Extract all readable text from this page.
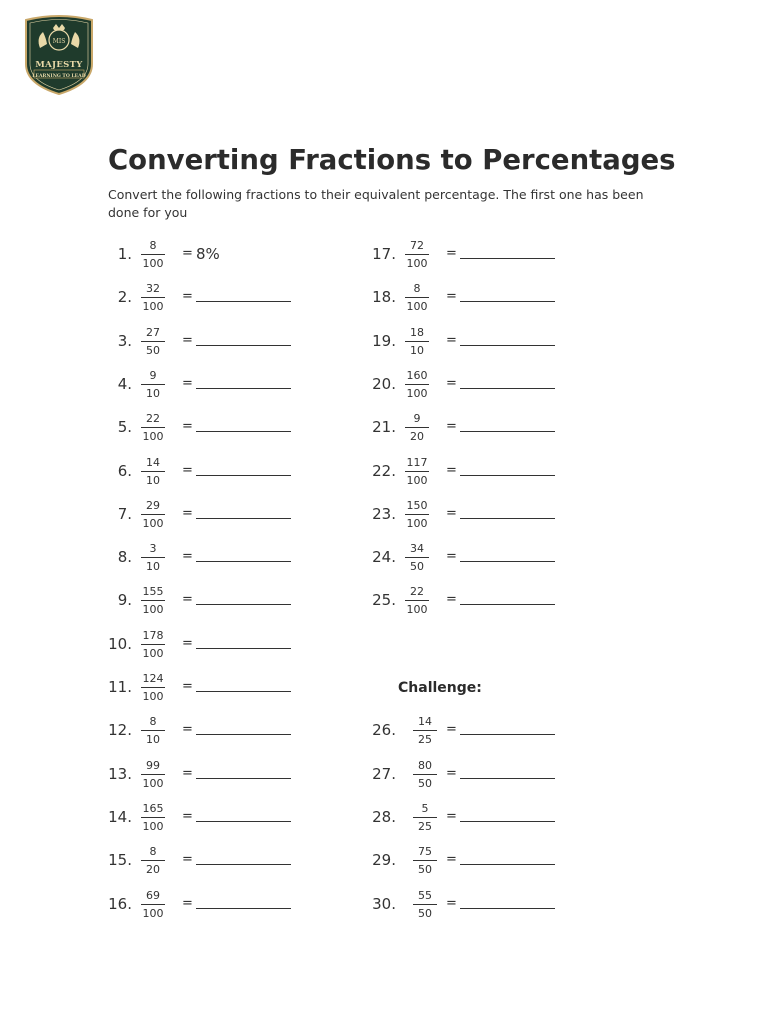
MIS
MAJESTY
LEARNING TO LEAD
Converting Fractions to Percentages
Convert the following fractions to their equivalent percentage. The first one has been done for you
Challenge:
1.	8
100
= 8%
2.	32
100
=
3.	27
50
=
4.	9
10
=
5.	22
100
=
6.	14
10
=
7.	29
100
=
8.	3
10
=
9. 155
100
=
10. 178
100
=
11. 124
100
=
12.	8
10
=
13.	99
100
=
14. 165
100
=
15.	8
20
=
16.	69
100
=
17.	72
100
=
18.	8
100
=
19.	18
10
=
20. 160
100
=
21.	9
20
=
22. 117
100
=
23. 150
100
=
24.	34
50
=
25.	22
100
=
26.	14
25
=
27.	80
50
=
28.	5
25
=
29.	75
50
=
30.	55
50
=
